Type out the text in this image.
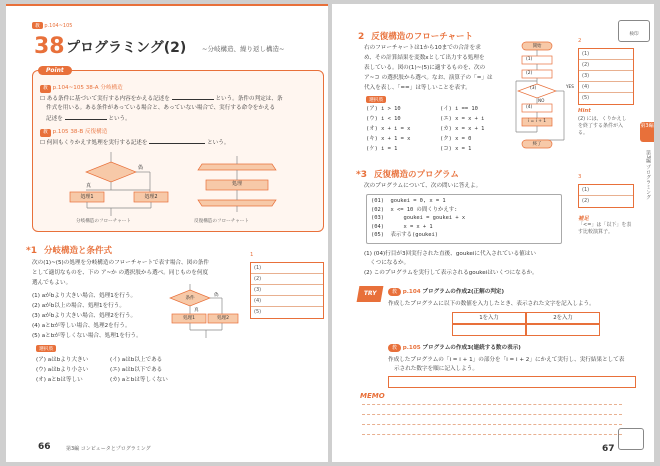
教 p.104~105
38 プログラミング(2) ~分岐構造、繰り返し構造~
Point
教 p.104~105 38-A 分岐構造
☐ ある条件に基づいて実行する内容をかえる記述を	という。条件の判定は、条
件式を用いる。ある条件があっている場合と、あっていない場合で、実行する命令をかえる
記述を	という。
教 p.105 38-B 反復構造
☐ 何回もくりかえす処理を実行する記述を	という。
偽
真
処理1	処理2
分岐構造のフローチャート
処理
反復構造のフローチャート
*1 分岐構造と条件式
次の(1)~(5)の処理を分岐構造のフローチャートで表す場合、図の条件
として適切なものを、下の ア~か の選択肢から選べ。同じものを何度
選んでもよい。
(1) aがbより大きい場合、処理1を行う。
(2) aがb以上の場合、処理1を行う。
(3) aがbより大きい場合、処理2を行う。
(4) aとbが等しい場合、処理2を行う。
(5) aとbが等しくない場合、処理1を行う。
選択肢
(ア) aはbより大きい	(イ) aはb以上である
(ウ) aはbより小さい	(エ) aはb以下である
(オ) aとbは等しい	(カ) aとbは等しくない
条件
真
偽
処理1	処理2
1
(1)
(2)
(3)
(4)
(5)
66	第3編 コンピュータとプログラミング
検印
2 反復構造のフローチャート
右のフローチャートは1から10までの合計を求
め、その計算結果を変数xとして出力する処理を
表している。図の(1)~(5)に適するものを、次の
ア~コ の選択肢から選べ。なお、演算子の「=」は
代入を表し、「==」は等しいことを表す。
選択肢
(ア) i > 10	(イ) i == 10
(ウ) i < 10	(エ) x = x + i
(オ) x + i = x	(カ) x = x + 1
(キ) x + 1 = x	(ク) x = 0
(ケ) i = 1	(コ) x = 1
開始
(1)
(2)
(3)	YES
NO
(4)
i = i + 1
終了
2
(1)
(2)
(3)
(4)
(5)
Hint
(2) には、くりかえし
を終了する条件が入
る。
第3編
第3編 プログラミング
*3 反復構造のプログラム
次のプログラムについて、次の問いに答えよ。
(01)  goukei = 0, x = 1
(02)  x <= 10 の間くりかえす:
(03)      goukei = goukei + x
(04)      x = x + 1
(05)  表示する(goukei)
(1) (04)行目が3回実行された直後、goukeiに代入されている値はい
くつになるか。
(2) このプログラムを実行して表示されるgoukeiはいくつになるか。
3
(1)
(2)
補足
「<=」は「以下」を表
す比較演算子。
TRY	教 p.104 プログラムの作成2(正解の判定)
作成したプログラムに以下の数値を入力したとき、表示された文字を記入しよう。
1を入力	2を入力
教 p.105 プログラムの作成3(連続する数の表示)
作成したプログラムの「i = i + 1」の部分を「i = i + 2」にかえて実行し、実行結果として表
示された数字を順に記入しよう。
MEMO
67
